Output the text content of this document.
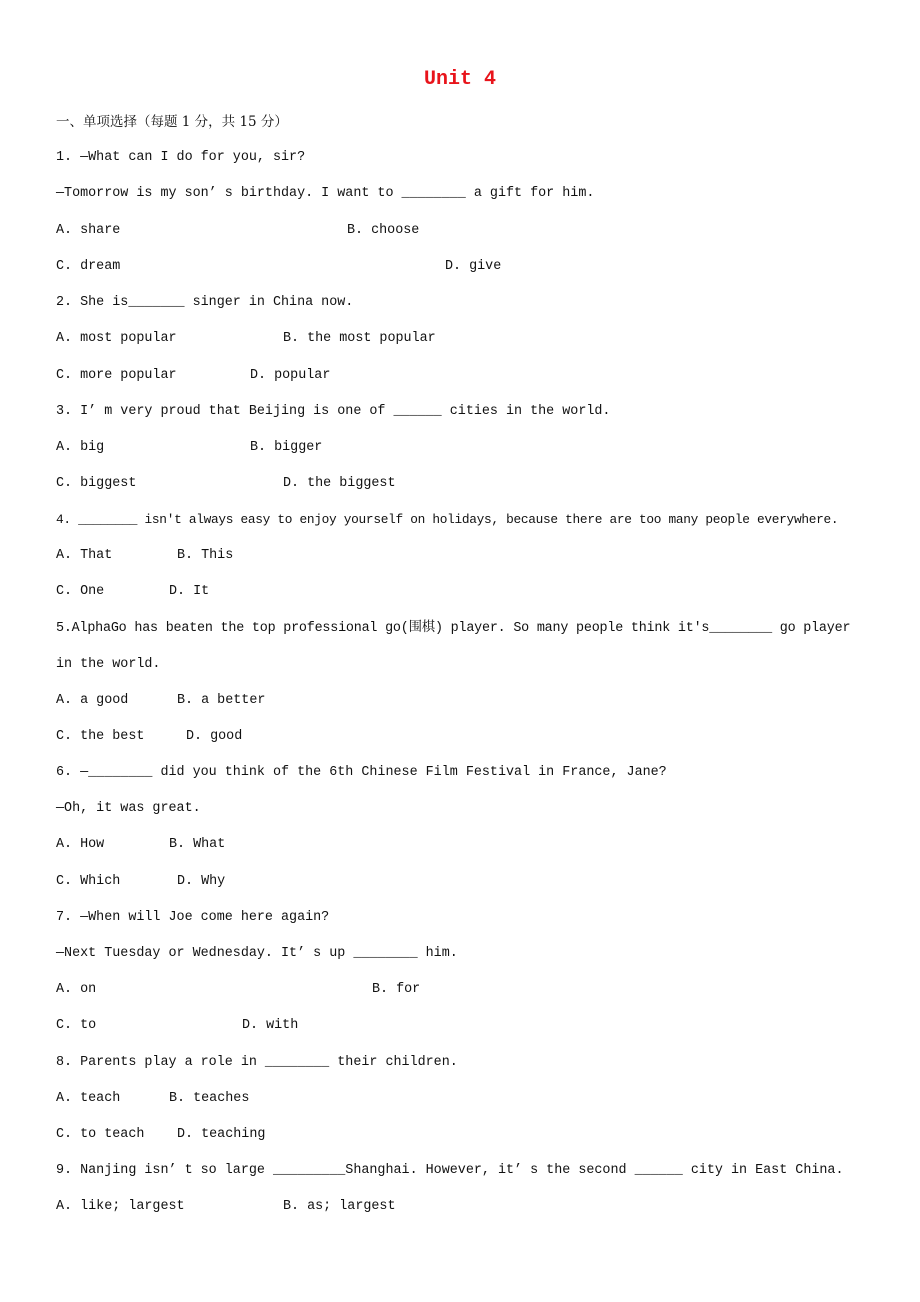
Unit 4
一、单项选择（每题 1 分，共 15 分）
1. —What can I do for you, sir?
—Tomorrow is my son’ s birthday. I want to ________ a gift for him.
A. share	B. choose
C. dream	D. give
2. She is_______ singer in China now.
A. most popular	B. the most popular
C. more popular	D. popular
3. I’ m very proud that Beijing is one of ______ cities in the world.
A. big	B. bigger
C. biggest	D. the biggest
4. ________ isn't always easy to enjoy yourself on holidays, because there are too many people everywhere.
A. That	B. This
C. One	D. It
5.AlphaGo has beaten the top professional go(围棋) player. So many people think it's________ go player
in the world.
A. a good	B. a better
C. the best	D. good
6. —________ did you think of the 6th Chinese Film Festival in France, Jane?
—Oh, it was great.
A. How	B. What
C. Which	D. Why
7. —When will Joe come here again?
—Next Tuesday or Wednesday. It’ s up ________ him.
A. on	B. for
C. to	D. with
8. Parents play a role in ________ their children.
A. teach	B. teaches
C. to teach D. teaching
9. Nanjing isn’ t so large _________Shanghai. However, it’ s the second ______ city in East China.
A. like; largest	B. as; largest
